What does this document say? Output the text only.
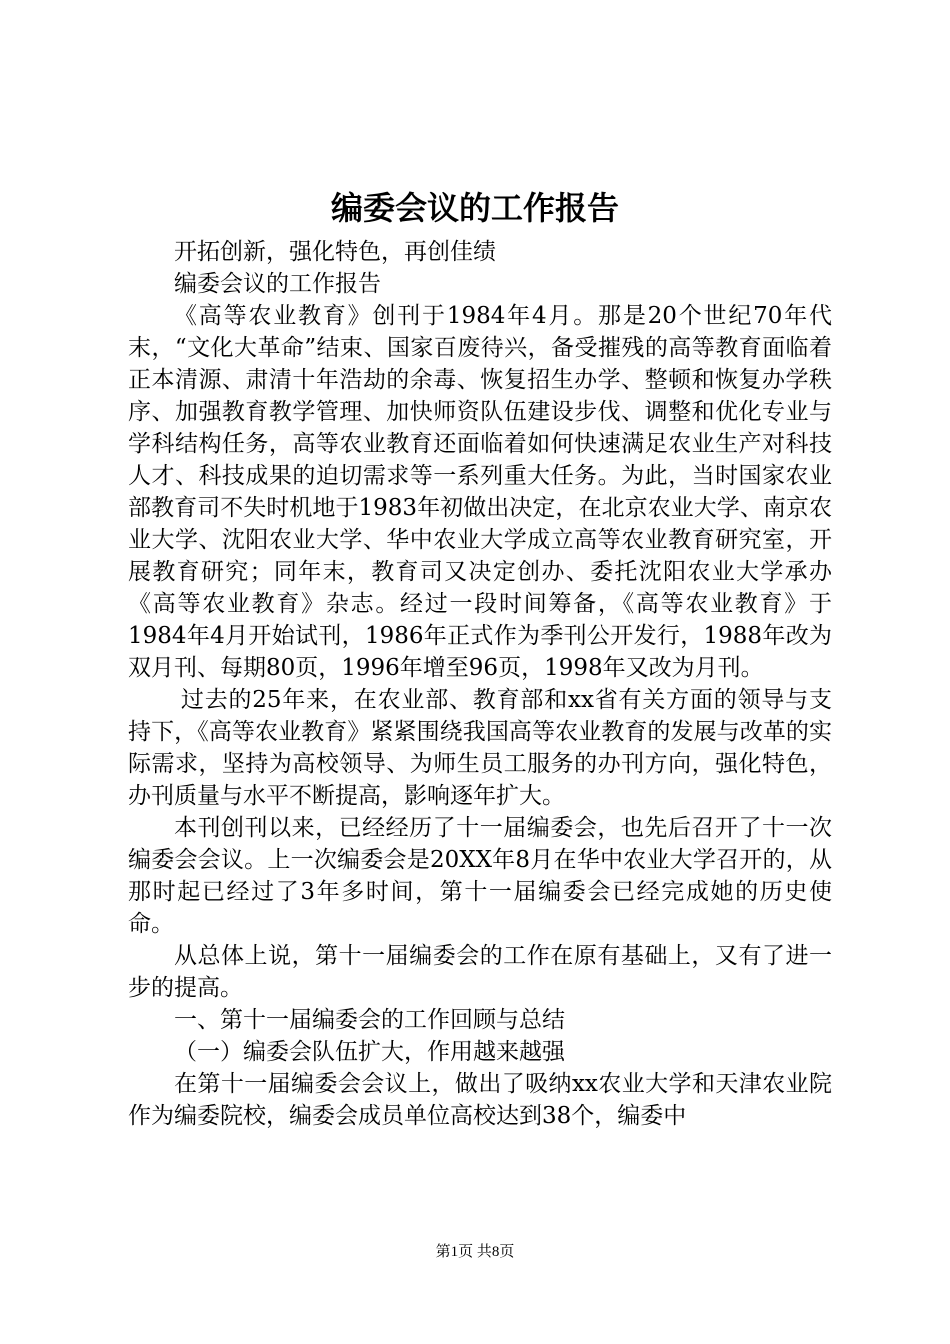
编委会议的工作报告

开拓创新，强化特色，再创佳绩

编委会议的工作报告

《高等农业教育》创刊于1984年4月。那是20个世纪70年代末，“文化大革命”结束、国家百废待兴，备受摧残的高等教育面临着正本清源、肃清十年浩劫的余毒、恢复招生办学、整顿和恢复办学秩序、加强教育教学管理、加快师资队伍建设步伐、调整和优化专业与学科结构任务，高等农业教育还面临着如何快速满足农业生产对科技人才、科技成果的迫切需求等一系列重大任务。为此，当时国家农业部教育司不失时机地于1983年初做出决定，在北京农业大学、南京农业大学、沈阳农业大学、华中农业大学成立高等农业教育研究室，开展教育研究；同年末，教育司又决定创办、委托沈阳农业大学承办《高等农业教育》杂志。经过一段时间筹备，《高等农业教育》于1984年4月开始试刊，1986年正式作为季刊公开发行，1988年改为双月刊、每期80页，1996年增至96页，1998年又改为月刊。

过去的25年来，在农业部、教育部和xx省有关方面的领导与支持下，《高等农业教育》紧紧围绕我国高等农业教育的发展与改革的实际需求，坚持为高校领导、为师生员工服务的办刊方向，强化特色，办刊质量与水平不断提高，影响逐年扩大。

本刊创刊以来，已经经历了十一届编委会，也先后召开了十一次编委会会议。上一次编委会是20XX年8月在华中农业大学召开的，从那时起已经过了3年多时间，第十一届编委会已经完成她的历史使命。

从总体上说，第十一届编委会的工作在原有基础上，又有了进一步的提高。

一、第十一届编委会的工作回顾与总结

（一）编委会队伍扩大，作用越来越强

在第十一届编委会会议上，做出了吸纳xx农业大学和天津农业院作为编委院校，编委会成员单位高校达到38个，编委中

第1页 共8页
